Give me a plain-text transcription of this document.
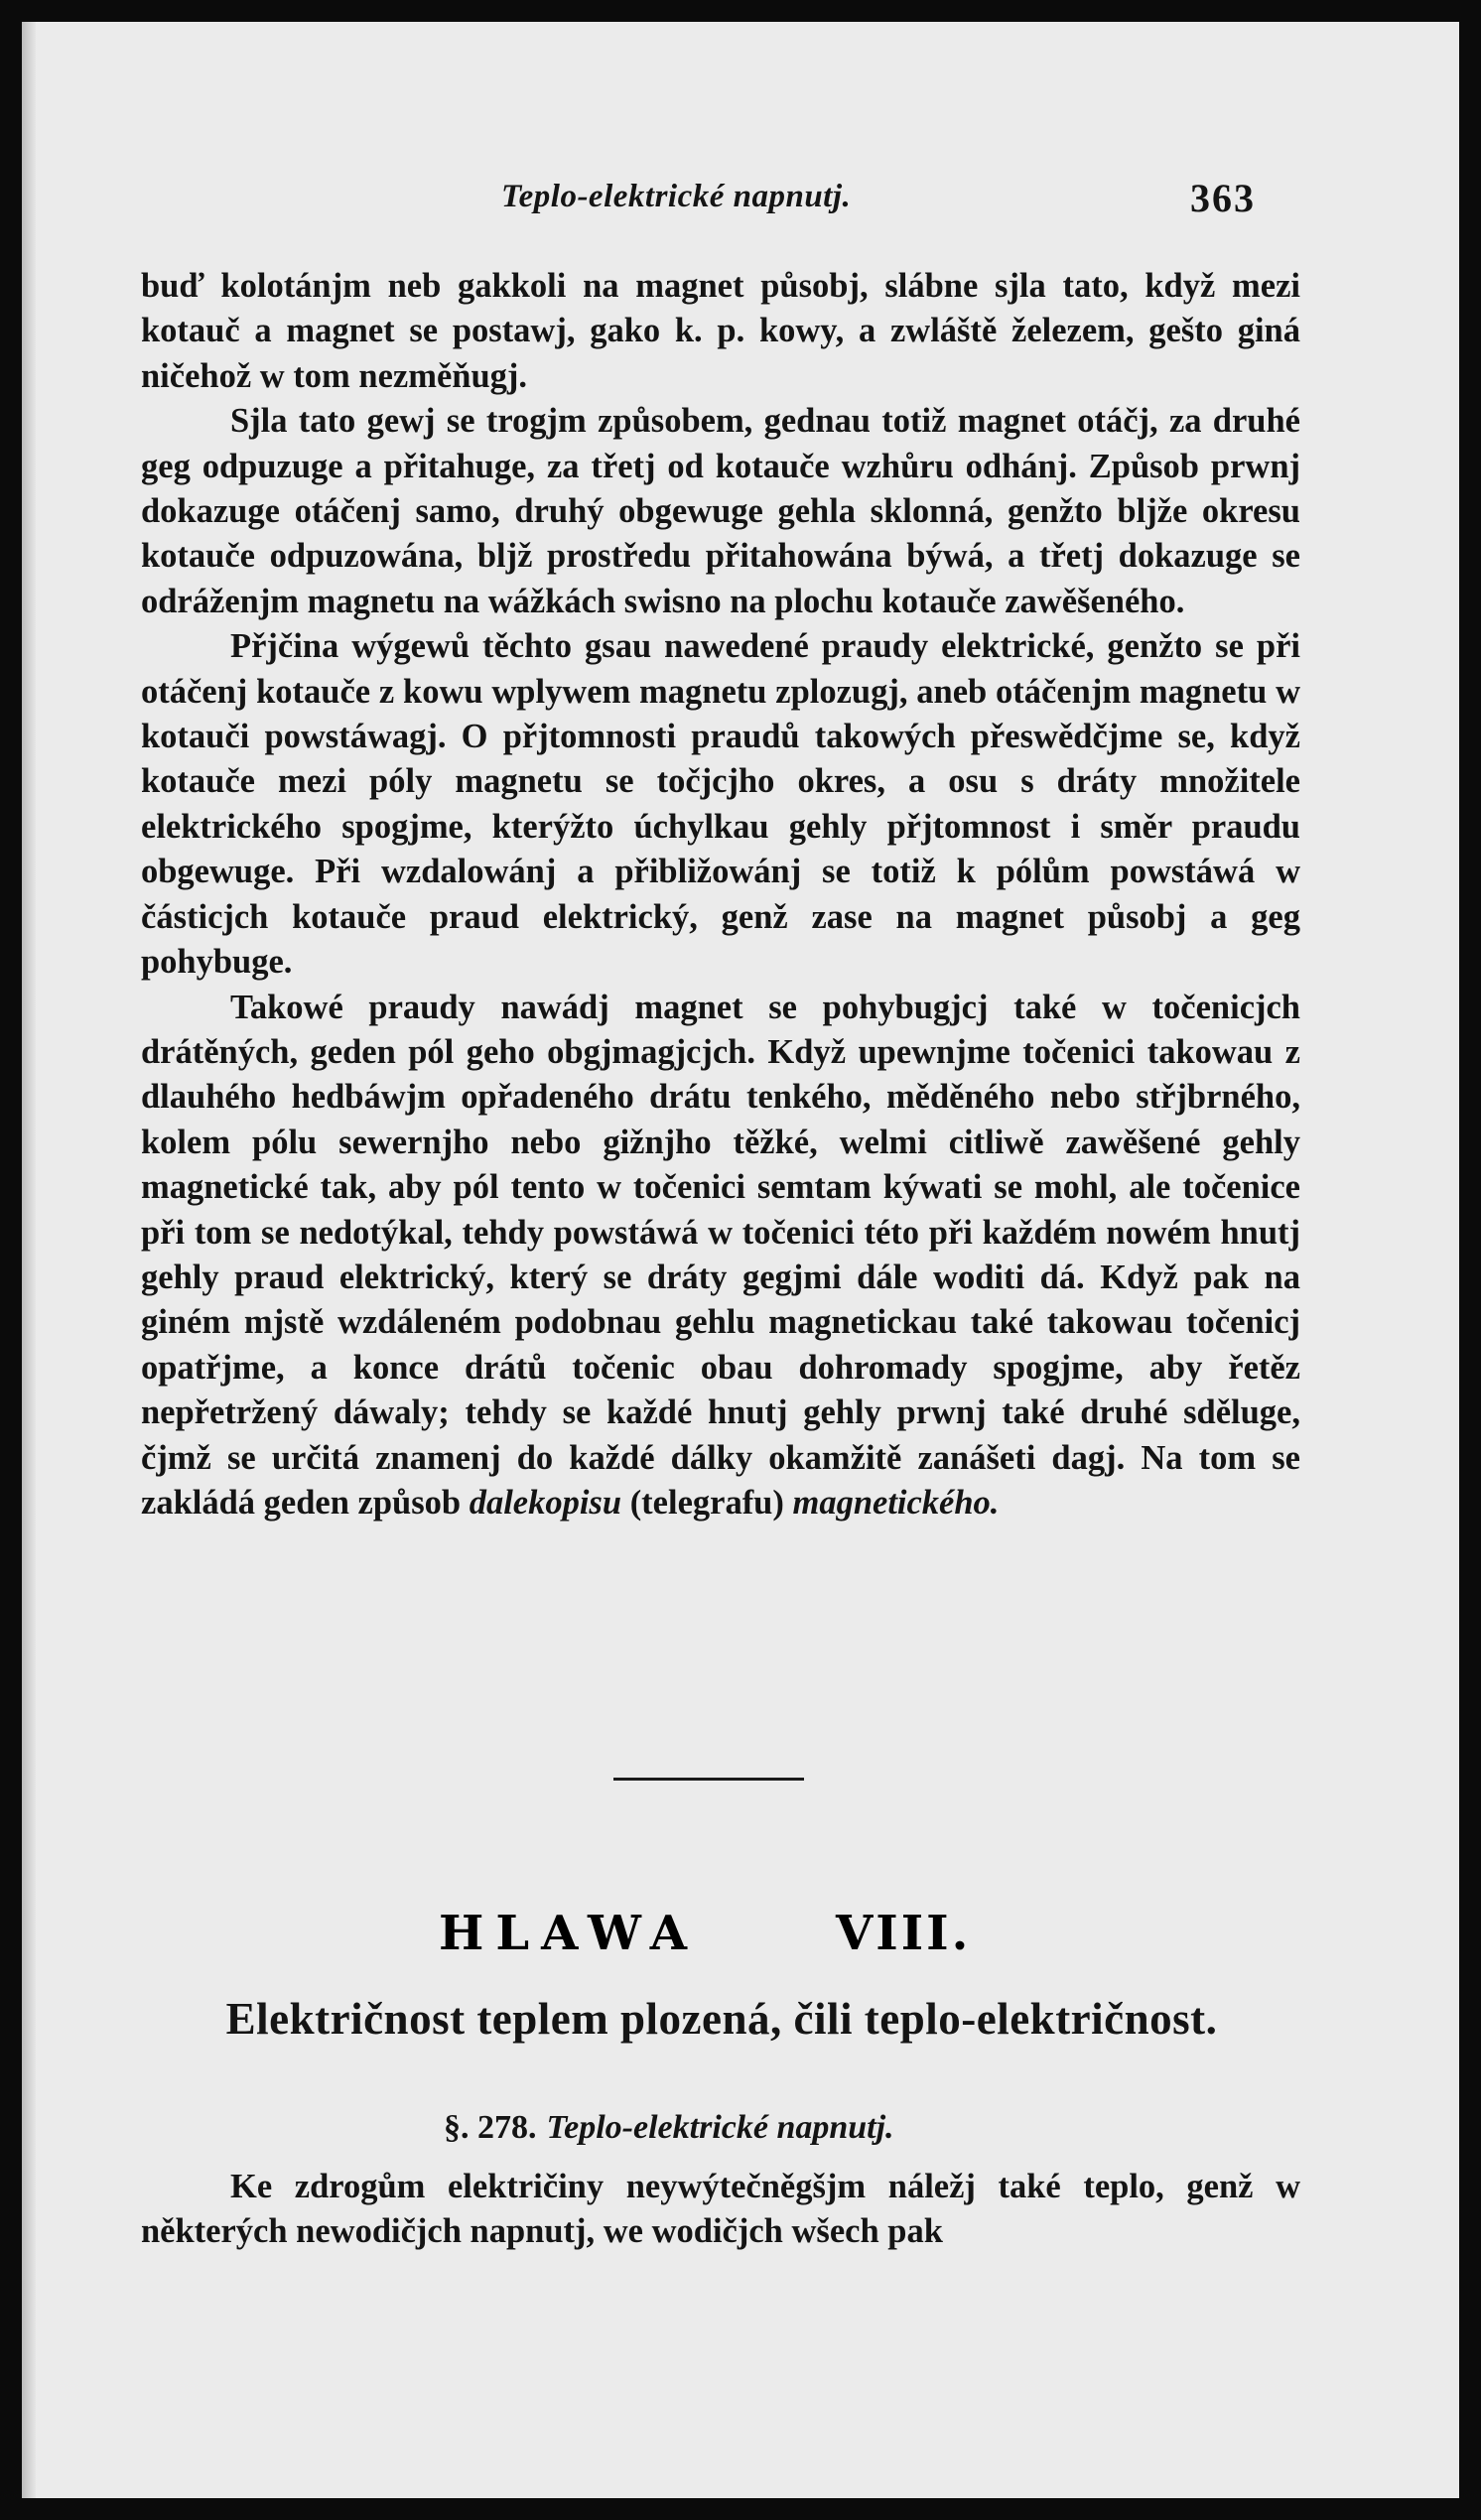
Teplo-elektrické napnutj.	363

buď kolotánjm neb gakkoli na magnet působj, slábne sjla tato, když mezi kotauč a magnet se postawj, gako k. p. kowy, a zwláště železem, gešto giná ničehož w tom nezměňugj.

Sjla tato gewj se trogjm způsobem, gednau totiž magnet otáčj, za druhé geg odpuzuge a přitahuge, za třetj od kotauče wzhůru odhánj. Způsob prwnj dokazuge otáčenj samo, druhý obgewuge gehla sklonná, genžto bljže okresu kotauče odpuzowána, bljž prostředu přitahowána býwá, a třetj dokazuge se odráženjm magnetu na wážkách swisno na plochu kotauče zawěšeného.

Přjčina wýgewů těchto gsau nawedené praudy elektrické, genžto se při otáčenj kotauče z kowu wplywem magnetu zplozugj, aneb otáčenjm magnetu w kotauči powstáwagj. O přjtomnosti praudů takowých přeswědčjme se, když kotauče mezi póly magnetu se točjcjho okres, a osu s dráty množitele elektrického spogjme, kterýžto úchylkau gehly přjtomnost i směr praudu obgewuge. Při wzdalowánj a přibližowánj se totiž k pólům powstáwá w částicjch kotauče praud elektrický, genž zase na magnet působj a geg pohybuge.

Takowé praudy nawádj magnet se pohybugjcj také w točenicjch drátěných, geden pól geho obgjmagjcjch. Když upewnjme točenici takowau z dlauhého hedbáwjm opřadeného drátu tenkého, měděného nebo střjbrného, kolem pólu sewernjho nebo gižnjho těžké, welmi citliwě zawěšené gehly magnetické tak, aby pól tento w točenici semtam kýwati se mohl, ale točenice při tom se nedotýkal, tehdy powstáwá w točenici této při každém nowém hnutj gehly praud elektrický, který se dráty gegjmi dále woditi dá. Když pak na giném mjstě wzdáleném podobnau gehlu magnetickau také takowau točenicj opatřjme, a konce drátů točenic obau dohromady spogjme, aby řetěz nepřetržený dáwaly; tehdy se každé hnutj gehly prwnj také druhé sděluge, čjmž se určitá znamenj do každé dálky okamžitě zanášeti dagj. Na tom se zakládá geden způsob dalekopisu (telegrafu) magnetického.

HLAWA	VIII.
Električnost teplem plozená, čili teplo-električnost.
§. 278. Teplo-elektrické napnutj.

Ke zdrogům električiny neywýtečněgšjm náležj také teplo, genž w některých newodičjch napnutj, we wodičjch wšech pak
